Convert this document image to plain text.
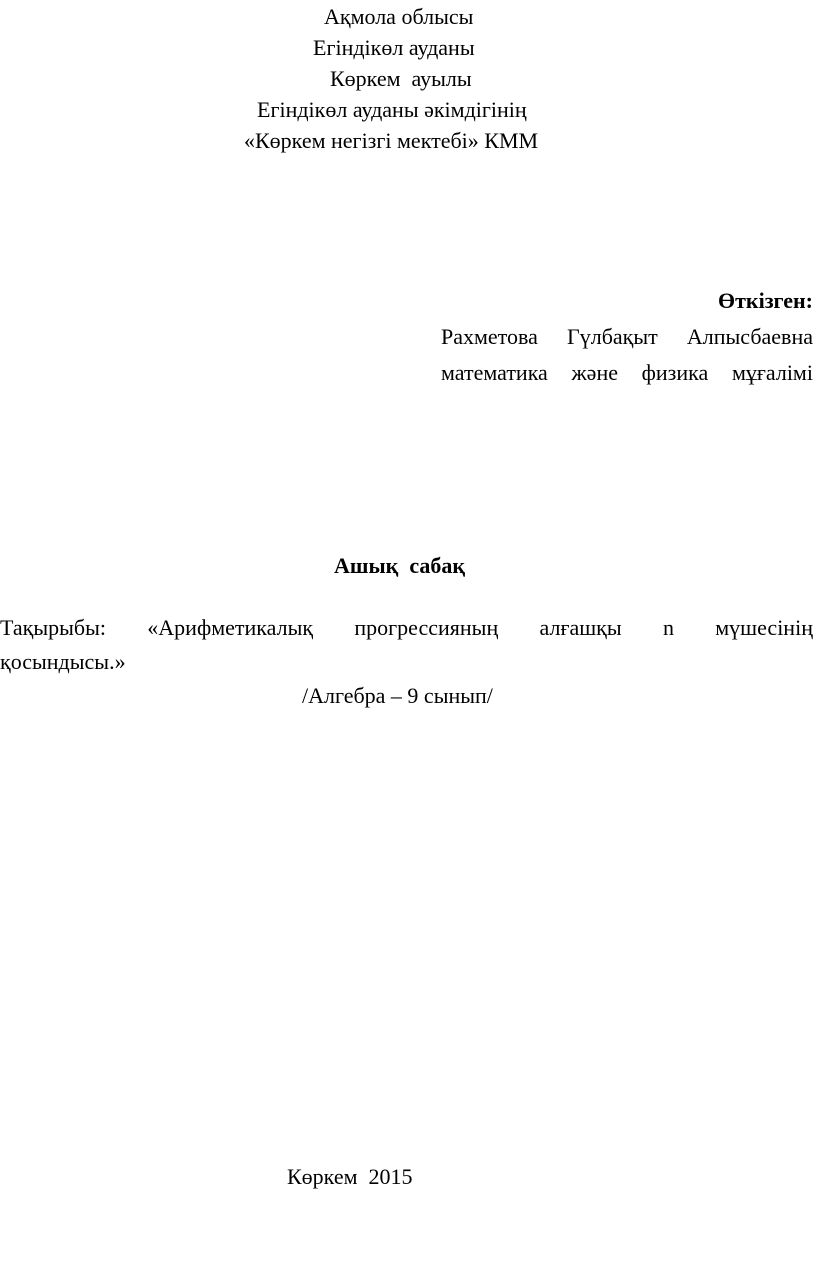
Ақмола облысы
Егіндікөл ауданы
Көркем  ауылы
Егіндікөл ауданы әкімдігінің
«Көркем негізгі мектебі» КММ
Өткізген:
Рахметова Гүлбақыт Алпысбаевна
математика және физика мұғалімі
Ашық  сабақ
Тақырыбы: «Арифметикалық прогрессияның алғашқы n мүшесінің
қосындысы.»
/Алгебра – 9 сынып/
Көркем  2015
